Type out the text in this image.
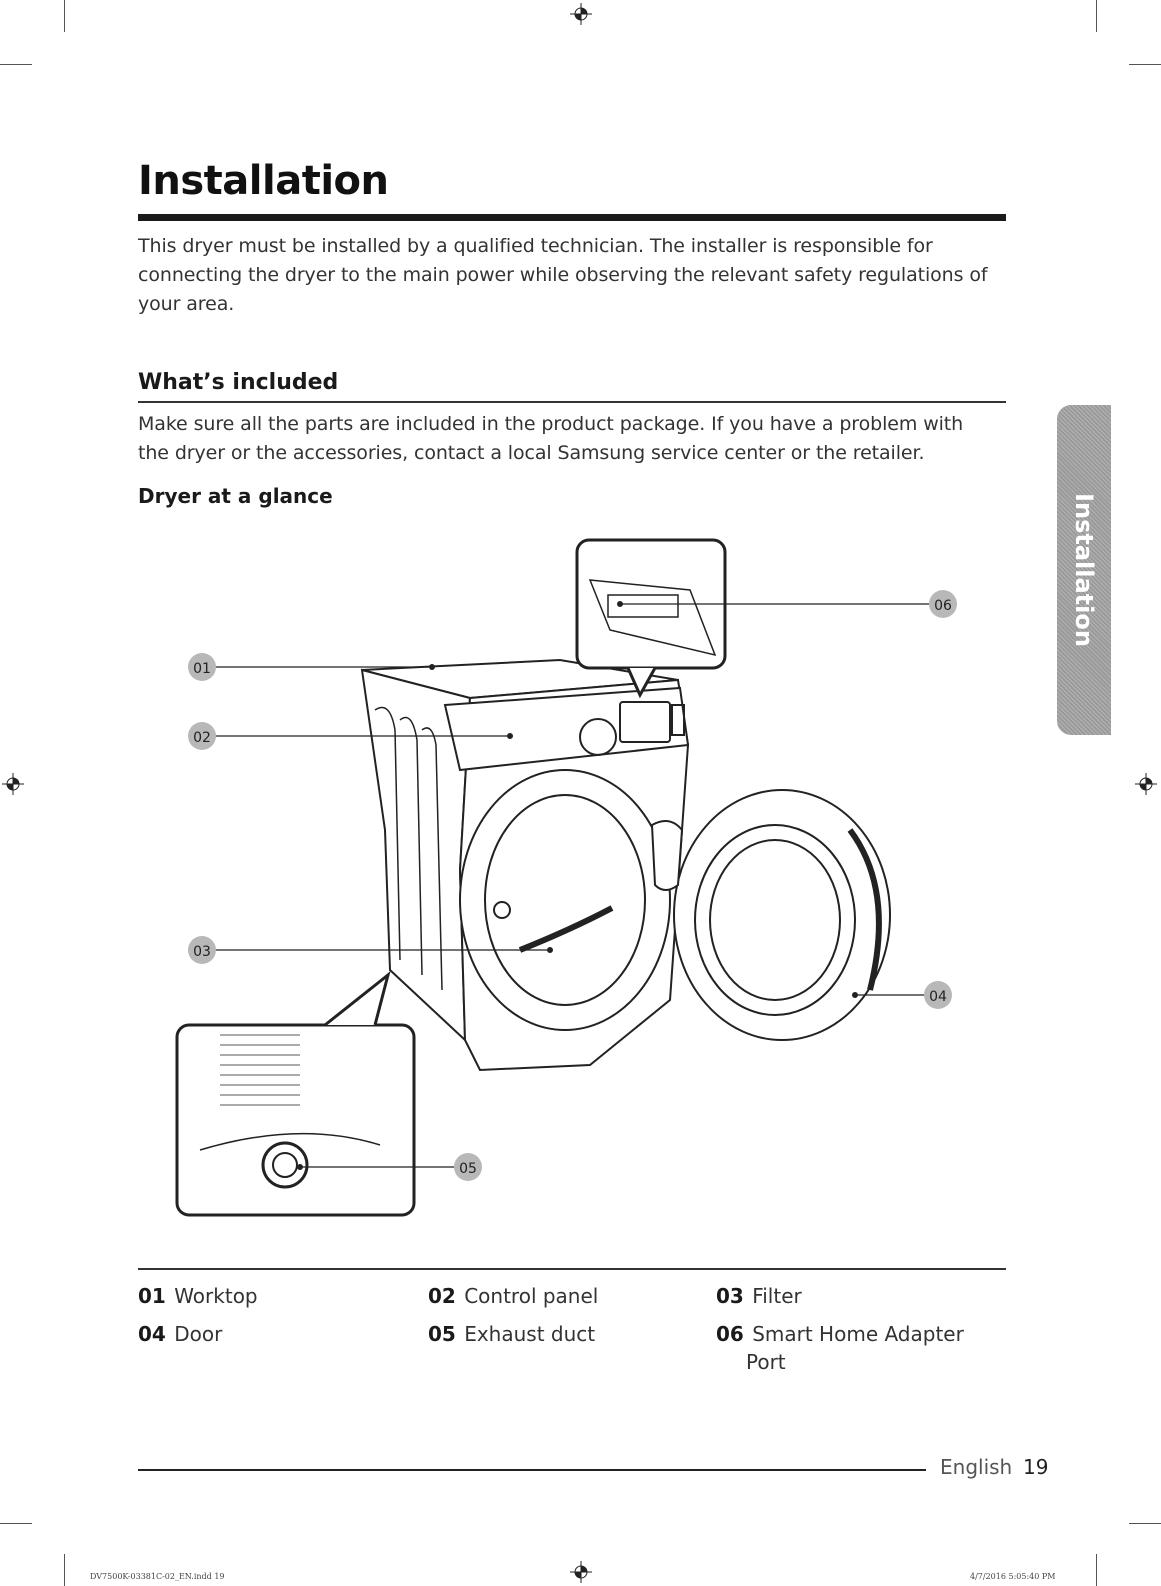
Installation

This dryer must be installed by a qualified technician. The installer is responsible for connecting the dryer to the main power while observing the relevant safety regulations of your area.

What’s included

Make sure all the parts are included in the product package. If you have a problem with the dryer or the accessories, contact a local Samsung service center or the retailer.

Dryer at a glance
01
02
03
04
05
06
01 Worktop	02 Control panel	03 Filter
04 Door	05 Exhaust duct	06 Smart Home Adapter Port
Installation
English 19
DV7500K-03381C-02_EN.indd 19	4/7/2016 5:05:40 PM
